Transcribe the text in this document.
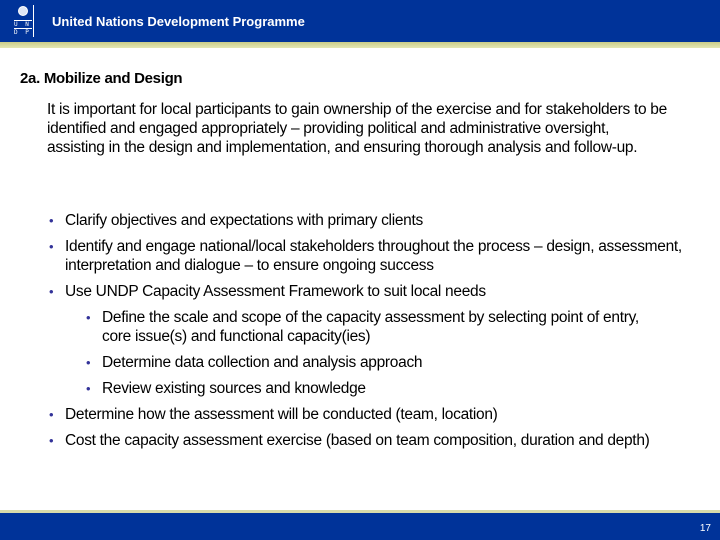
U N
D P
United Nations Development Programme
2a. Mobilize and Design
It is important for local participants to gain ownership of the exercise and for stakeholders to be identified and engaged appropriately – providing political and administrative oversight, assisting in the design and implementation, and ensuring thorough analysis and follow-up.
• Clarify objectives and expectations with primary clients
• Identify and engage national/local stakeholders throughout the process – design, assessment, interpretation and dialogue – to ensure ongoing success
• Use UNDP Capacity Assessment Framework to suit local needs
• Define the scale and scope of the capacity assessment by selecting point of entry, core issue(s) and functional capacity(ies)
• Determine data collection and analysis approach
• Review existing sources and knowledge
• Determine how the assessment will be conducted (team, location)
• Cost the capacity assessment exercise (based on team composition, duration and depth)
17
